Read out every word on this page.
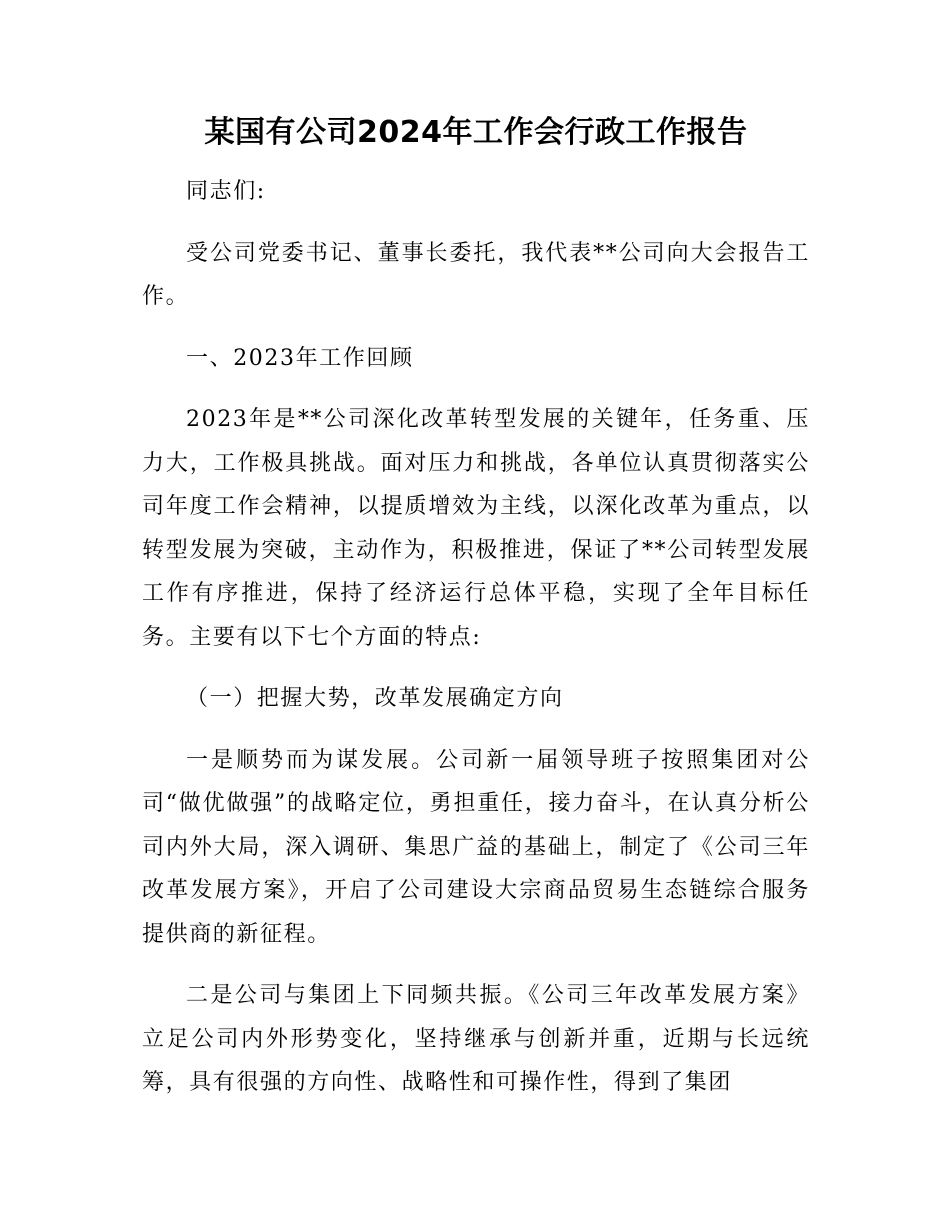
某国有公司2024年工作会行政工作报告

同志们:

受公司党委书记、董事长委托，我代表**公司向大会报告工作。

一、2023年工作回顾

2023年是**公司深化改革转型发展的关键年，任务重、压力大，工作极具挑战。面对压力和挑战，各单位认真贯彻落实公司年度工作会精神，以提质增效为主线，以深化改革为重点，以转型发展为突破，主动作为，积极推进，保证了**公司转型发展工作有序推进，保持了经济运行总体平稳，实现了全年目标任务。主要有以下七个方面的特点:

（一）把握大势，改革发展确定方向

一是顺势而为谋发展。公司新一届领导班子按照集团对公司“做优做强”的战略定位，勇担重任，接力奋斗，在认真分析公司内外大局，深入调研、集思广益的基础上，制定了《公司三年改革发展方案》，开启了公司建设大宗商品贸易生态链综合服务提供商的新征程。

二是公司与集团上下同频共振。《公司三年改革发展方案》立足公司内外形势变化，坚持继承与创新并重，近期与长远统筹，具有很强的方向性、战略性和可操作性，得到了集团
